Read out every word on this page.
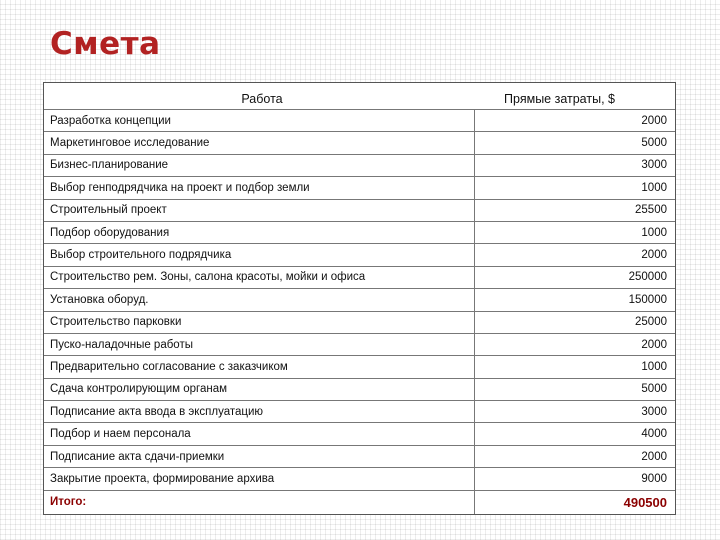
Смета
Работа	Прямые затраты, $
Разработка концепции	2000
Маркетинговое исследование	5000
Бизнес-планирование	3000
Выбор генподрядчика на проект и подбор земли	1000
Строительный проект	25500
Подбор оборудования	1000
Выбор строительного подрядчика	2000
Строительство рем. Зоны, салона красоты, мойки и офиса	250000
Установка оборуд.	150000
Строительство парковки	25000
Пуско-наладочные работы	2000
Предварительно согласование с заказчиком	1000
Сдача контролирующим органам	5000
Подписание акта ввода в эксплуатацию	3000
Подбор и наем персонала	4000
Подписание акта сдачи-приемки	2000
Закрытие проекта, формирование архива	9000
Итого:	490500
